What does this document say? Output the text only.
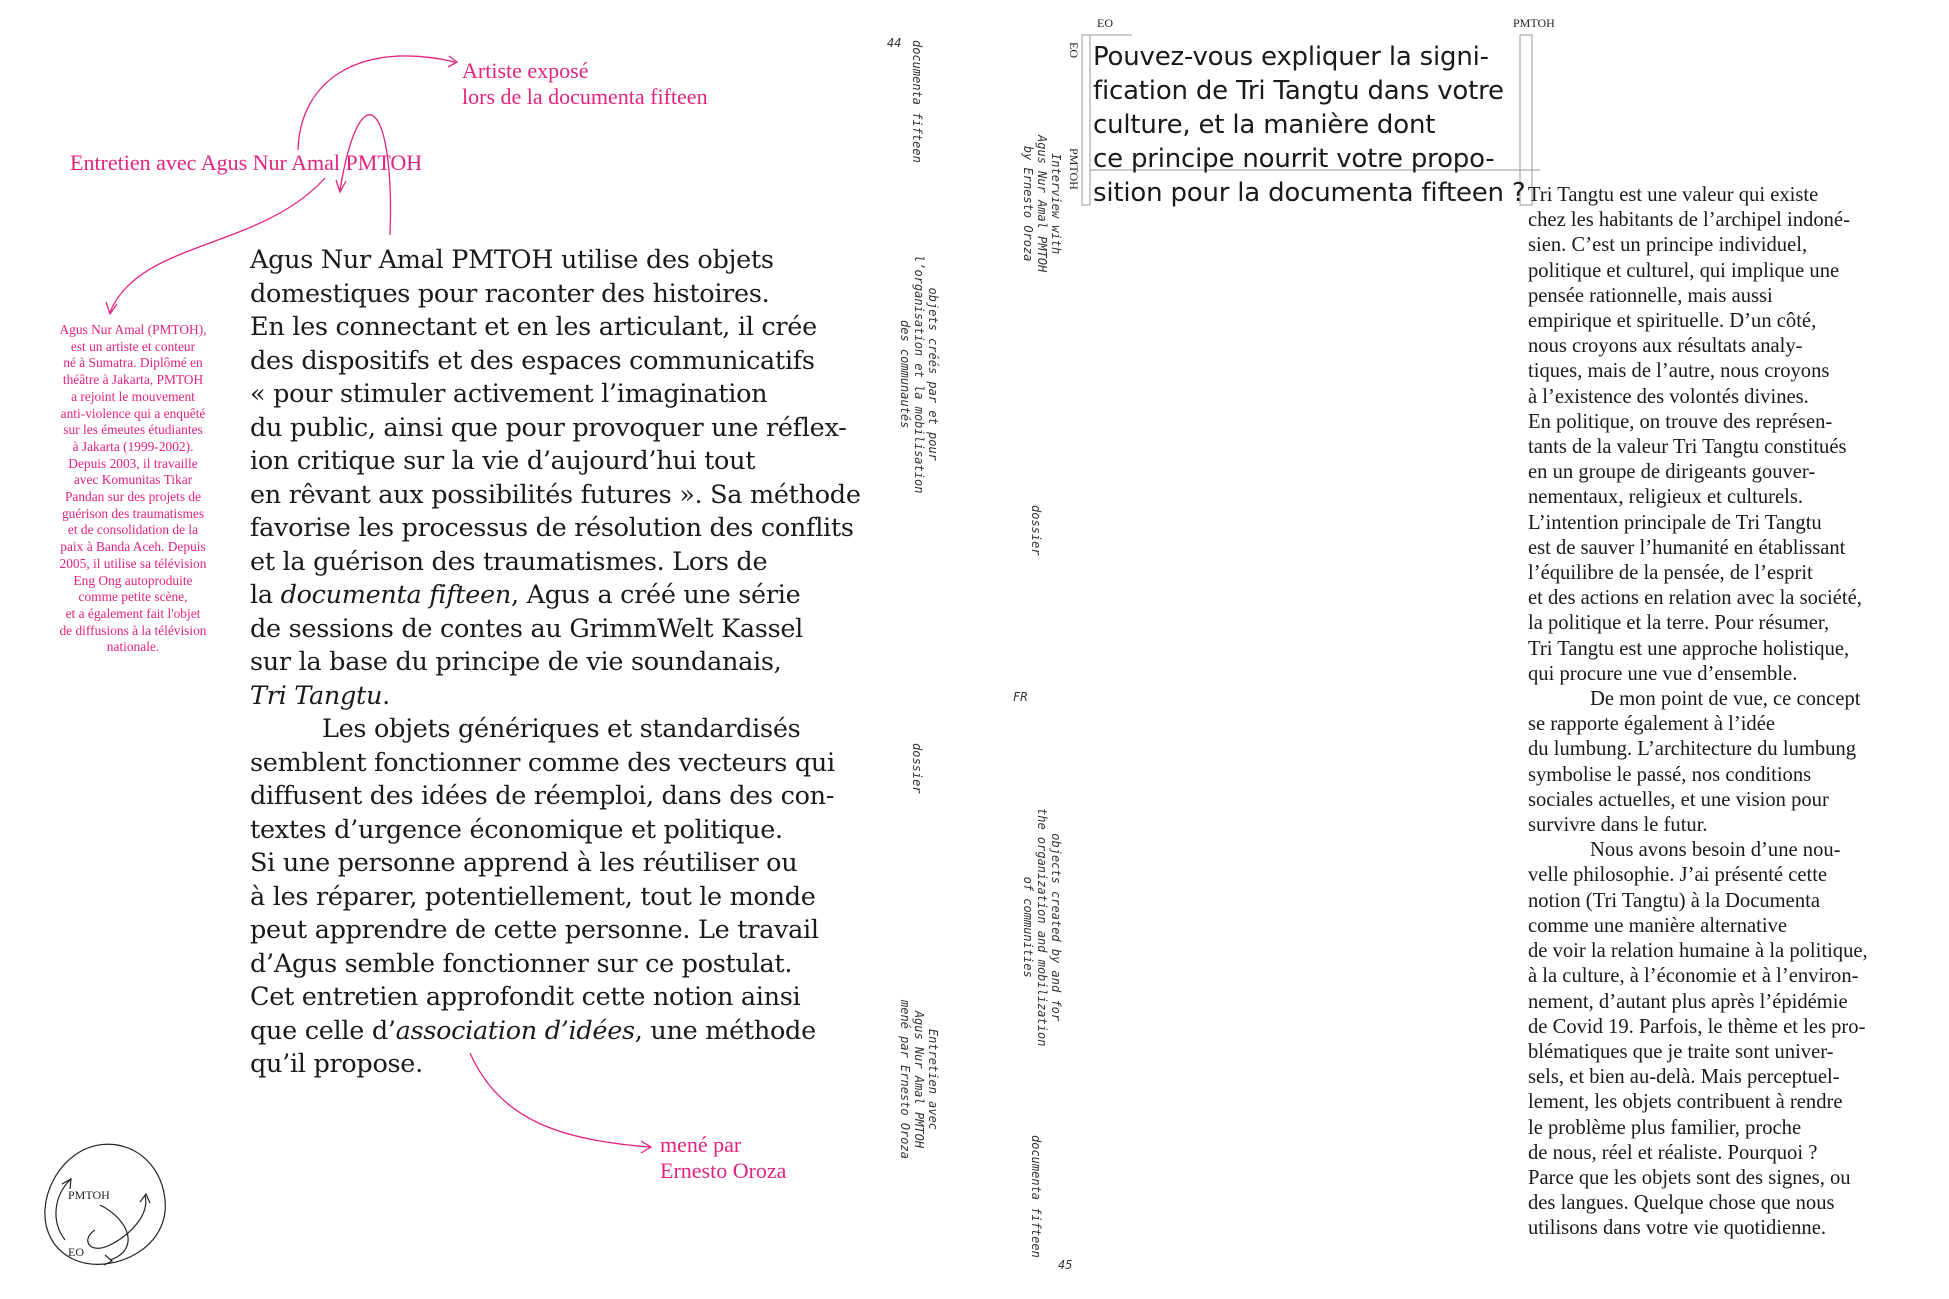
Artiste exposé
lors de la documenta fifteen
Entretien avec Agus Nur Amal PMTOH

Agus Nur Amal (PMTOH),

est un artiste et conteur

né à Sumatra. Diplômé en

théâtre à Jakarta, PMTOH

a rejoint le mouvement

anti-violence qui a enquêté

sur les émeutes étudiantes

à Jakarta (1999-2002).

Depuis 2003, il travaille

avec Komunitas Tikar

Pandan sur des projets de

guérison des traumatismes

et de consolidation de la

paix à Banda Aceh. Depuis

2005, il utilise sa télévision

Eng Ong autoproduite

comme petite scène,

et a également fait l'objet

de diffusions à la télévision

nationale.

Agus Nur Amal PMTOH utilise des objets
domestiques pour raconter des histoires.
En les connectant et en les articulant, il crée
des dispositifs et des espaces communicatifs
« pour stimuler activement l’imagination
du public, ainsi que pour provoquer une réflex-
ion critique sur la vie d’aujourd’hui tout
en rêvant aux possibilités futures ». Sa méthode
favorise les processus de résolution des conflits
et la guérison des traumatismes. Lors de
la documenta fifteen, Agus a créé une série
de sessions de contes au GrimmWelt Kassel
sur la base du principe de vie soundanais,
Tri Tangtu.
Les objets génériques et standardisés
semblent fonctionner comme des vecteurs qui
diffusent des idées de réemploi, dans des con-
textes d’urgence économique et politique.
Si une personne apprend à les réutiliser ou
à les réparer, potentiellement, tout le monde
peut apprendre de cette personne. Le travail
d’Agus semble fonctionner sur ce postulat.
Cet entretien approfondit cette notion ainsi
que celle d’association d’idées, une méthode
qu’il propose.
mené par
Ernesto Oroza
PMTOH
EO
44 documenta fifteen

objets créés par et pour

l’organisation et la mobilisation

des communautés

dossier

Entretien avec

Agus Nur Amal PMTOH

mené par Ernesto Oroza

Interview with

Agus Nur Amal PMTOH

by Ernesto Oroza

dossier
FR

objects created by and for

the organization and mobilization

of communities

documenta fifteen
45
EO	PMTOH
EO
PMTOH
Pouvez-vous expliquer la signi-
fication de Tri Tangtu dans votre
culture, et la manière dont
ce principe nourrit votre propo-
sition pour la documenta fifteen ? Tri Tangtu est une valeur qui existe
chez les habitants de l’archipel indoné-
sien. C’est un principe individuel,
politique et culturel, qui implique une
pensée rationnelle, mais aussi
empirique et spirituelle. D’un côté,
nous croyons aux résultats analy-
tiques, mais de l’autre, nous croyons
à l’existence des volontés divines.
En politique, on trouve des représen-
tants de la valeur Tri Tangtu constitués
en un groupe de dirigeants gouver-
nementaux, religieux et culturels.
L’intention principale de Tri Tangtu
est de sauver l’humanité en établissant
l’équilibre de la pensée, de l’esprit
et des actions en relation avec la société,
la politique et la terre. Pour résumer,
Tri Tangtu est une approche holistique,
qui procure une vue d’ensemble.
De mon point de vue, ce concept
se rapporte également à l’idée
du lumbung. L’architecture du lumbung
symbolise le passé, nos conditions
sociales actuelles, et une vision pour
survivre dans le futur.
Nous avons besoin d’une nou-
velle philosophie. J’ai présenté cette
notion (Tri Tangtu) à la Documenta
comme une manière alternative
de voir la relation humaine à la politique,
à la culture, à l’économie et à l’environ-
nement, d’autant plus après l’épidémie
de Covid 19. Parfois, le thème et les pro-
blématiques que je traite sont univer-
sels, et bien au-delà. Mais perceptuel-
lement, les objets contribuent à rendre
le problème plus familier, proche
de nous, réel et réaliste. Pourquoi ?
Parce que les objets sont des signes, ou
des langues. Quelque chose que nous
utilisons dans votre vie quotidienne.
